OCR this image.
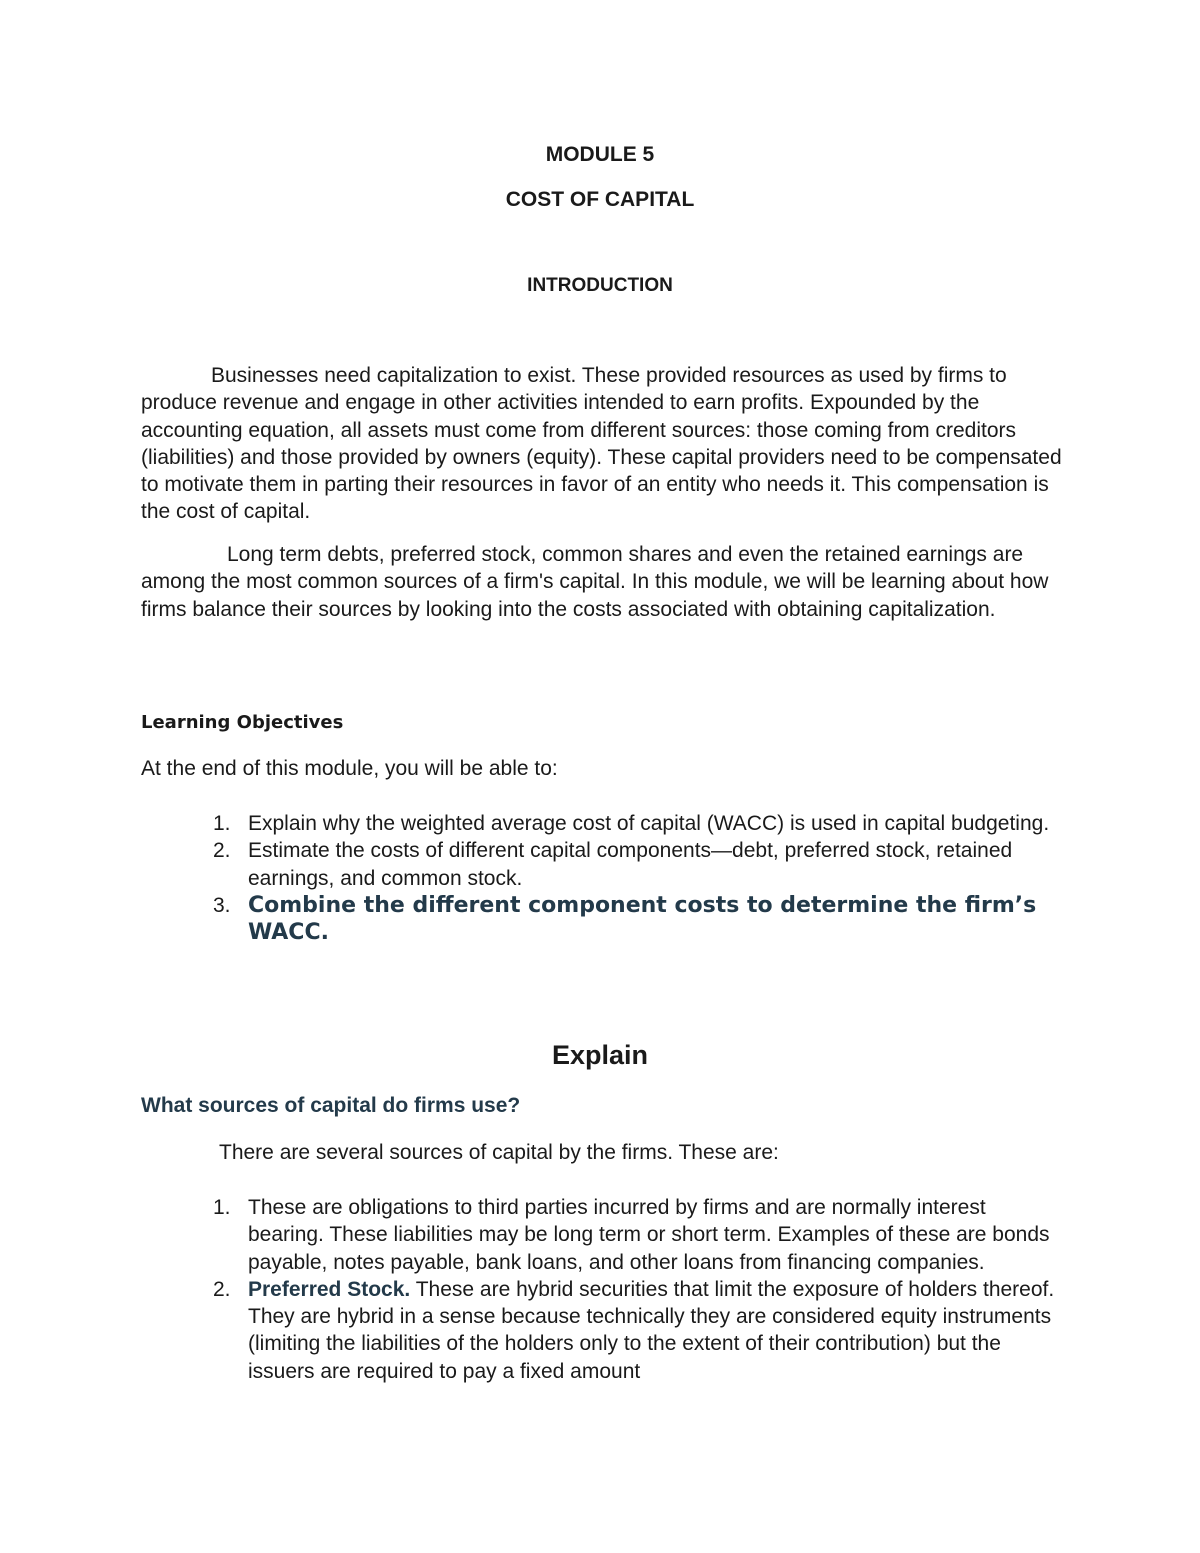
MODULE 5
COST OF CAPITAL
INTRODUCTION

Businesses need capitalization to exist. These provided resources as used by firms to produce revenue and engage in other activities intended to earn profits. Expounded by the accounting equation, all assets must come from different sources: those coming from creditors (liabilities) and those provided by owners (equity). These capital providers need to be compensated to motivate them in parting their resources in favor of an entity who needs it. This compensation is the cost of capital.

Long term debts, preferred stock, common shares and even the retained earnings are among the most common sources of a firm's capital. In this module, we will be learning about how firms balance their sources by looking into the costs associated with obtaining capitalization.

Learning Objectives

At the end of this module, you will be able to:

1. Explain why the weighted average cost of capital (WACC) is used in capital budgeting.
2. Estimate the costs of different capital components—debt, preferred stock, retained earnings, and common stock.
3. Combine the different component costs to determine the firm’s WACC.
Explain
What sources of capital do firms use?

There are several sources of capital by the firms. These are:

1. These are obligations to third parties incurred by firms and are normally interest bearing. These liabilities may be long term or short term. Examples of these are bonds payable, notes payable, bank loans, and other loans from financing companies.
2. Preferred Stock. These are hybrid securities that limit the exposure of holders thereof. They are hybrid in a sense because technically they are considered equity instruments (limiting the liabilities of the holders only to the extent of their contribution) but the issuers are required to pay a fixed amount
